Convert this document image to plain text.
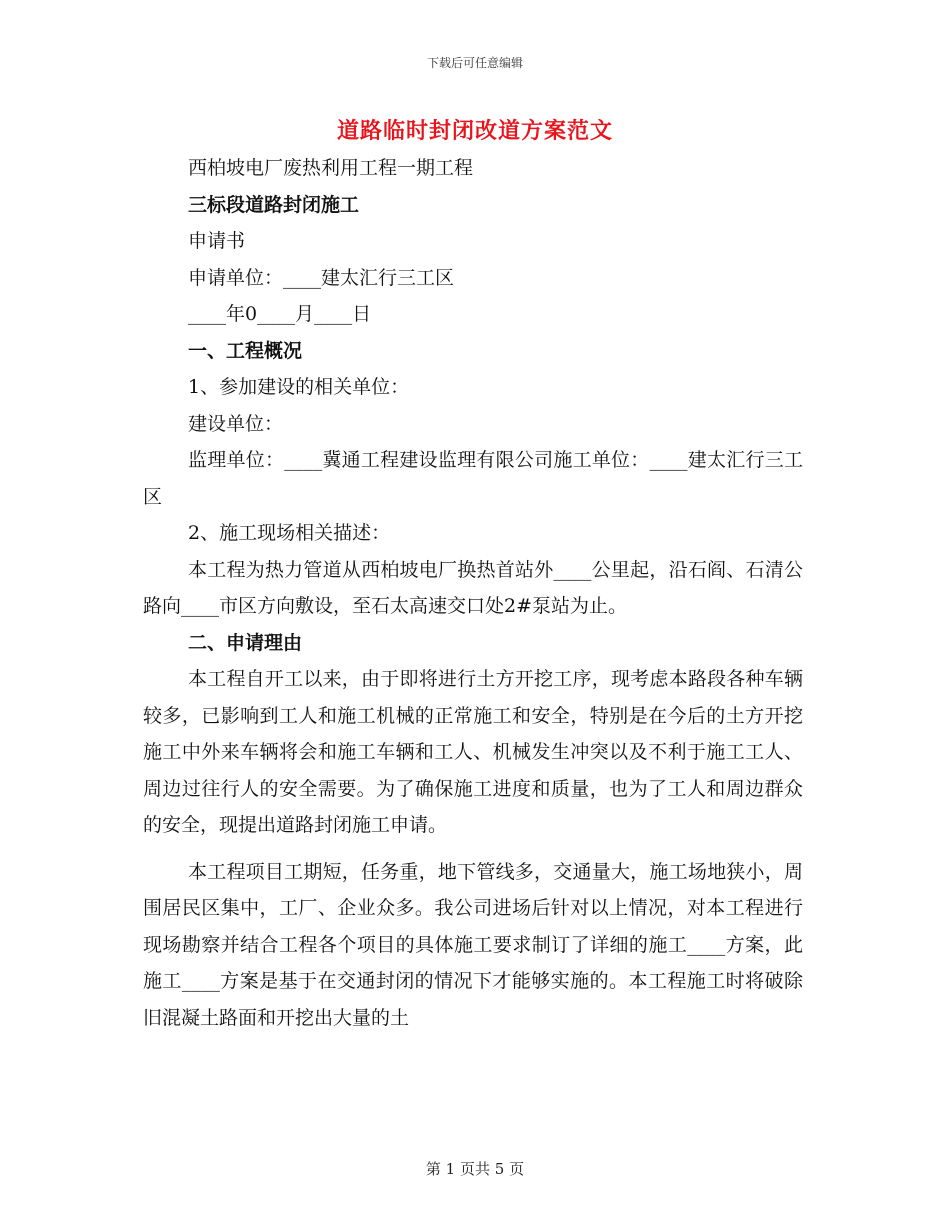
下载后可任意编辑
道路临时封闭改道方案范文

西柏坡电厂废热利用工程一期工程

三标段道路封闭施工

申请书

申请单位：____建太汇行三工区

____年0____月____日

一、工程概况

1、参加建设的相关单位：

建设单位：

监理单位：____冀通工程建设监理有限公司施工单位：____建太汇行三工区

2、施工现场相关描述：

本工程为热力管道从西柏坡电厂换热首站外____公里起，沿石阎、石清公路向____市区方向敷设，至石太高速交口处2#泵站为止。

二、申请理由

本工程自开工以来，由于即将进行土方开挖工序，现考虑本路段各种车辆较多，已影响到工人和施工机械的正常施工和安全，特别是在今后的土方开挖施工中外来车辆将会和施工车辆和工人、机械发生冲突以及不利于施工工人、周边过往行人的安全需要。为了确保施工进度和质量，也为了工人和周边群众的安全，现提出道路封闭施工申请。

本工程项目工期短，任务重，地下管线多，交通量大，施工场地狭小，周围居民区集中，工厂、企业众多。我公司进场后针对以上情况，对本工程进行现场勘察并结合工程各个项目的具体施工要求制订了详细的施工____方案，此施工____方案是基于在交通封闭的情况下才能够实施的。本工程施工时将破除旧混凝土路面和开挖出大量的土

第 1 页共 5 页
